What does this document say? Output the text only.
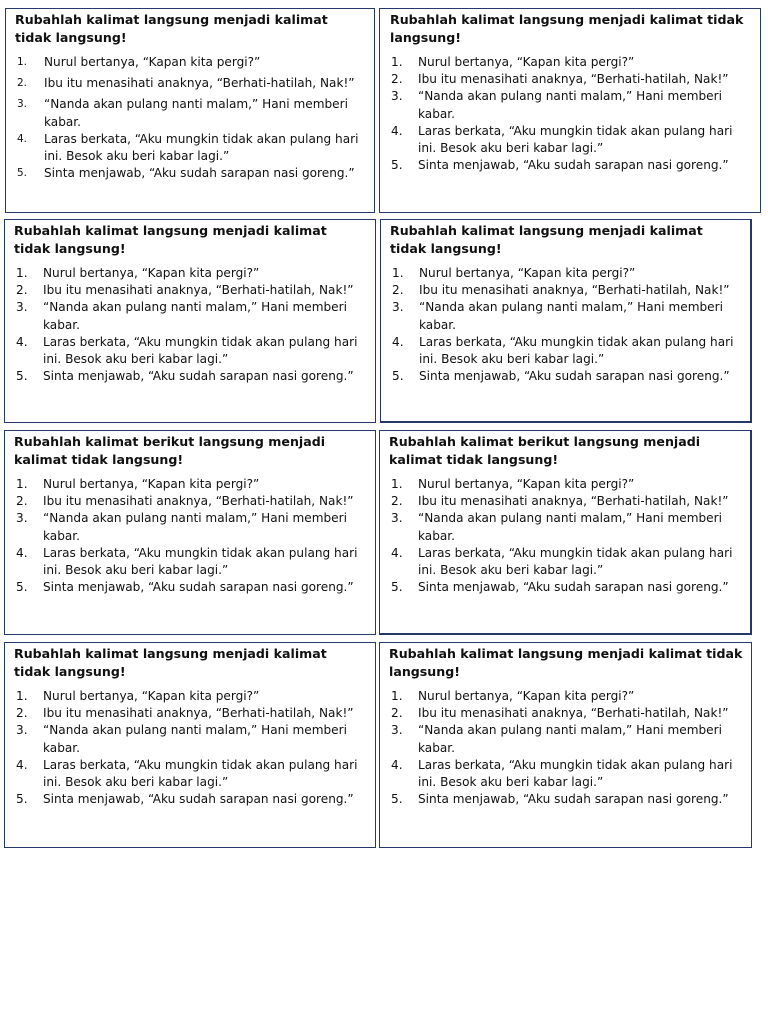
Rubahlah kalimat langsung menjadi kalimat tidak langsung!
1.	Nurul bertanya, “Kapan kita pergi?”
2.	Ibu itu menasihati anaknya, “Berhati-hatilah, Nak!”
3.	“Nanda akan pulang nanti malam,” Hani memberi kabar.
4.	Laras berkata, “Aku mungkin tidak akan pulang hari ini. Besok aku beri kabar lagi.”
5.	Sinta menjawab, “Aku sudah sarapan nasi goreng.”
Rubahlah kalimat langsung menjadi kalimat tidak langsung!
1.	Nurul bertanya, “Kapan kita pergi?”
2.	Ibu itu menasihati anaknya, “Berhati-hatilah, Nak!”
3.	“Nanda akan pulang nanti malam,” Hani memberi kabar.
4.	Laras berkata, “Aku mungkin tidak akan pulang hari ini. Besok aku beri kabar lagi.”
5.	Sinta menjawab, “Aku sudah sarapan nasi goreng.”
Rubahlah kalimat langsung menjadi kalimat tidak langsung!
1.	Nurul bertanya, “Kapan kita pergi?”
2.	Ibu itu menasihati anaknya, “Berhati-hatilah, Nak!”
3.	“Nanda akan pulang nanti malam,” Hani memberi kabar.
4.	Laras berkata, “Aku mungkin tidak akan pulang hari ini. Besok aku beri kabar lagi.”
5.	Sinta menjawab, “Aku sudah sarapan nasi goreng.”
Rubahlah kalimat langsung menjadi kalimat tidak langsung!
1.	Nurul bertanya, “Kapan kita pergi?”
2.	Ibu itu menasihati anaknya, “Berhati-hatilah, Nak!”
3.	“Nanda akan pulang nanti malam,” Hani memberi kabar.
4.	Laras berkata, “Aku mungkin tidak akan pulang hari ini. Besok aku beri kabar lagi.”
5.	Sinta menjawab, “Aku sudah sarapan nasi goreng.”
Rubahlah kalimat berikut langsung menjadi kalimat tidak langsung!
1.	Nurul bertanya, “Kapan kita pergi?”
2.	Ibu itu menasihati anaknya, “Berhati-hatilah, Nak!”
3.	“Nanda akan pulang nanti malam,” Hani memberi kabar.
4.	Laras berkata, “Aku mungkin tidak akan pulang hari ini. Besok aku beri kabar lagi.”
5.	Sinta menjawab, “Aku sudah sarapan nasi goreng.”
Rubahlah kalimat berikut langsung menjadi kalimat tidak langsung!
1.	Nurul bertanya, “Kapan kita pergi?”
2.	Ibu itu menasihati anaknya, “Berhati-hatilah, Nak!”
3.	“Nanda akan pulang nanti malam,” Hani memberi kabar.
4.	Laras berkata, “Aku mungkin tidak akan pulang hari ini. Besok aku beri kabar lagi.”
5.	Sinta menjawab, “Aku sudah sarapan nasi goreng.”
Rubahlah kalimat langsung menjadi kalimat tidak langsung!
1.	Nurul bertanya, “Kapan kita pergi?”
2.	Ibu itu menasihati anaknya, “Berhati-hatilah, Nak!”
3.	“Nanda akan pulang nanti malam,” Hani memberi kabar.
4.	Laras berkata, “Aku mungkin tidak akan pulang hari ini. Besok aku beri kabar lagi.”
5.	Sinta menjawab, “Aku sudah sarapan nasi goreng.”
Rubahlah kalimat langsung menjadi kalimat tidak langsung!
1.	Nurul bertanya, “Kapan kita pergi?”
2.	Ibu itu menasihati anaknya, “Berhati-hatilah, Nak!”
3.	“Nanda akan pulang nanti malam,” Hani memberi kabar.
4.	Laras berkata, “Aku mungkin tidak akan pulang hari ini. Besok aku beri kabar lagi.”
5.	Sinta menjawab, “Aku sudah sarapan nasi goreng.”
